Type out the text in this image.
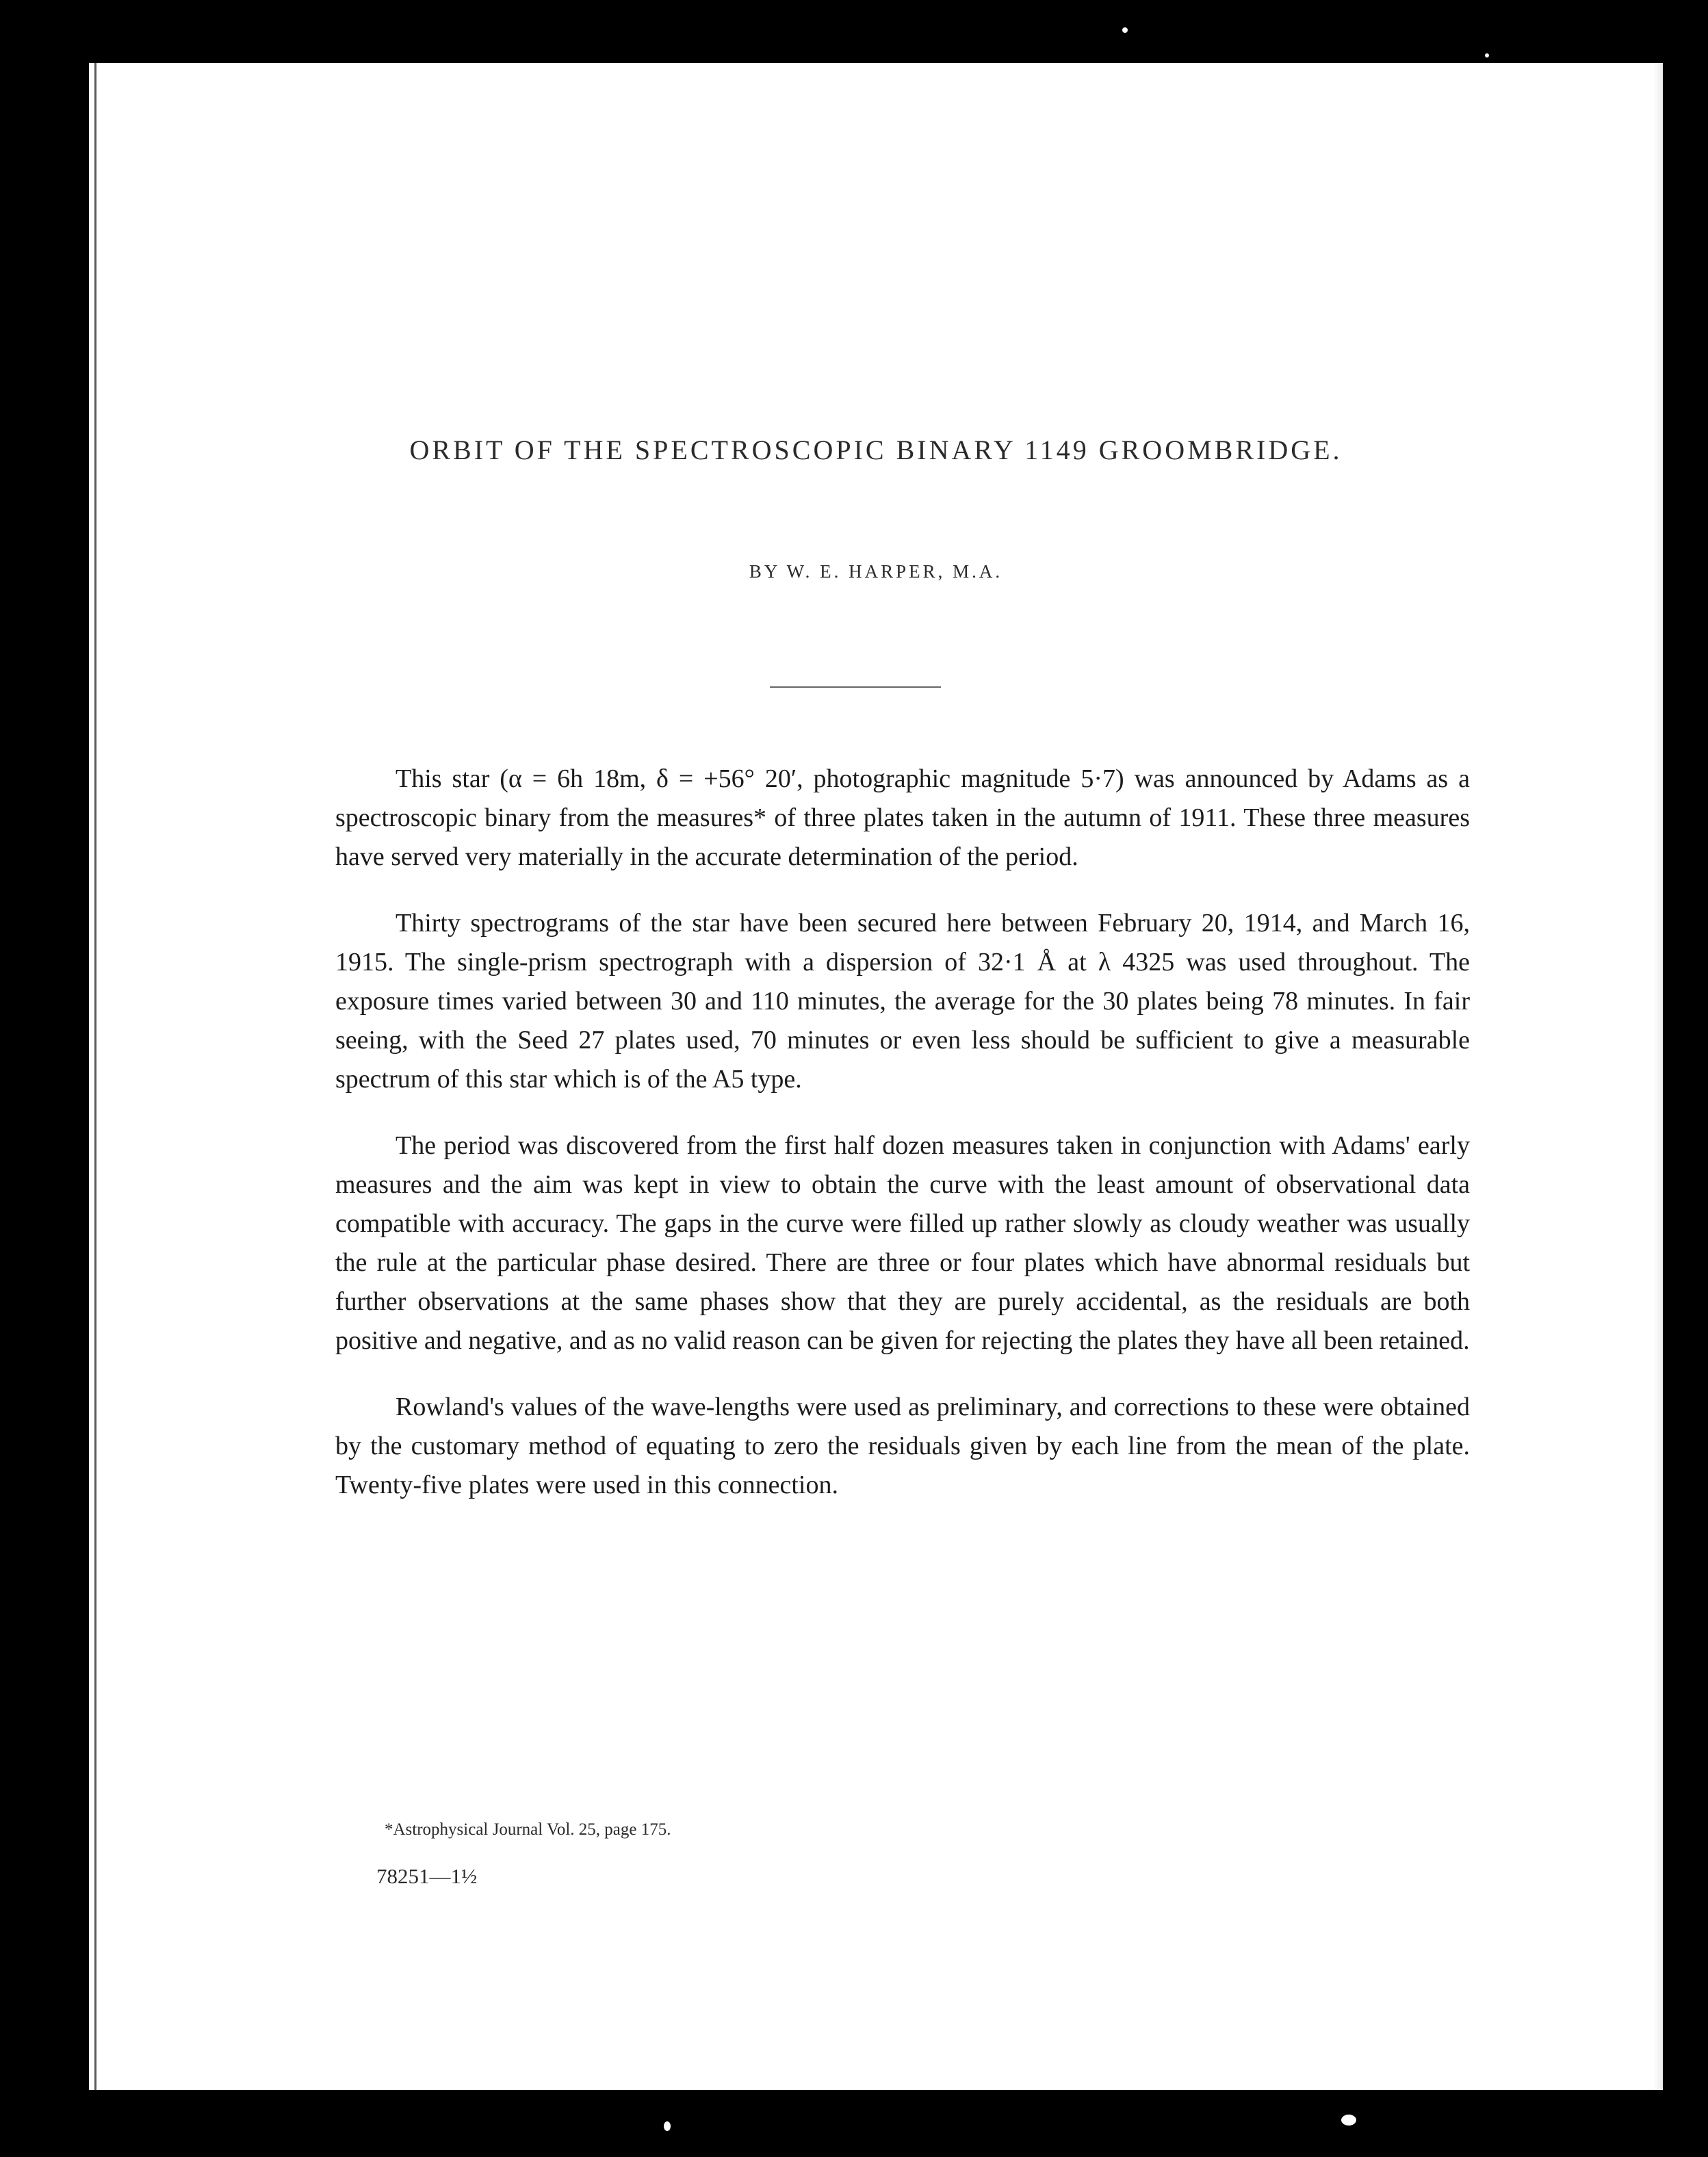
ORBIT OF THE SPECTROSCOPIC BINARY 1149 GROOMBRIDGE.
BY W. E. HARPER, M.A.

This star (α = 6h 18m, δ = +56° 20′, photographic magnitude 5·7) was announced by Adams as a spectroscopic binary from the measures* of three plates taken in the autumn of 1911. These three measures have served very materially in the accurate determination of the period.

Thirty spectrograms of the star have been secured here between February 20, 1914, and March 16, 1915. The single-prism spectrograph with a dispersion of 32·1 Å at λ 4325 was used throughout. The exposure times varied between 30 and 110 minutes, the average for the 30 plates being 78 minutes. In fair seeing, with the Seed 27 plates used, 70 minutes or even less should be sufficient to give a measurable spectrum of this star which is of the A5 type.

The period was discovered from the first half dozen measures taken in conjunction with Adams' early measures and the aim was kept in view to obtain the curve with the least amount of observational data compatible with accuracy. The gaps in the curve were filled up rather slowly as cloudy weather was usually the rule at the particular phase desired. There are three or four plates which have abnormal residuals but further observations at the same phases show that they are purely accidental, as the residuals are both positive and negative, and as no valid reason can be given for rejecting the plates they have all been retained.

Rowland's values of the wave-lengths were used as preliminary, and corrections to these were obtained by the customary method of equating to zero the residuals given by each line from the mean of the plate. Twenty-five plates were used in this connection.

*Astrophysical Journal Vol. 25, page 175.
78251—1½
